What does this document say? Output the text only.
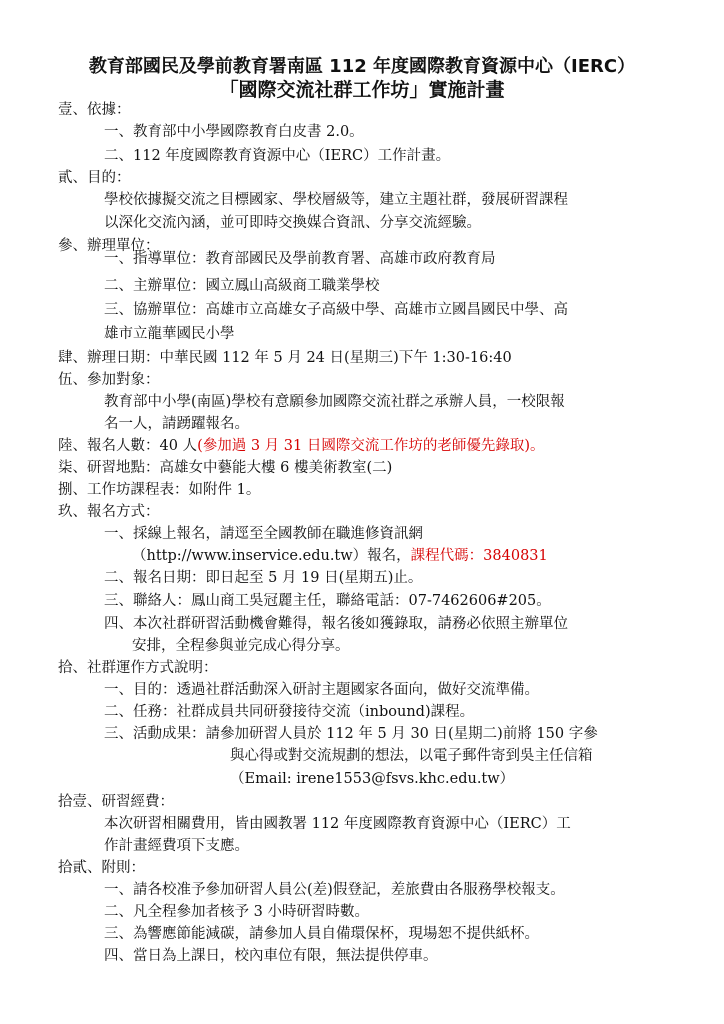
教育部國民及學前教育署南區 112 年度國際教育資源中心（IERC）
「國際交流社群工作坊」實施計畫
壹、依據：
一、教育部中小學國際教育白皮書 2.0。
二、112 年度國際教育資源中心（IERC）工作計畫。
貳、目的：
學校依據擬交流之目標國家、學校層級等，建立主題社群，發展研習課程
以深化交流內涵，並可即時交換媒合資訊、分享交流經驗。
參、辦理單位：
一、指導單位：教育部國民及學前教育署、高雄市政府教育局
二、主辦單位：國立鳳山高級商工職業學校
三、協辦單位：高雄市立高雄女子高級中學、高雄市立國昌國民中學、高
雄市立龍華國民小學
肆、辦理日期：中華民國 112 年 5 月 24 日(星期三)下午 1:30-16:40
伍、參加對象：
教育部中小學(南區)學校有意願參加國際交流社群之承辦人員，一校限報
名一人，請踴躍報名。
陸、報名人數：40 人(參加過 3 月 31 日國際交流工作坊的老師優先錄取)。
柒、研習地點：高雄女中藝能大樓 6 樓美術教室(二)
捌、工作坊課程表：如附件 1。
玖、報名方式：
一、採線上報名，請逕至全國教師在職進修資訊網
（http://www.inservice.edu.tw）報名，課程代碼：3840831
二、報名日期：即日起至 5 月 19 日(星期五)止。
三、聯絡人：鳳山商工吳冠麗主任，聯絡電話：07-7462606#205。
四、本次社群研習活動機會難得，報名後如獲錄取，請務必依照主辦單位
安排，全程參與並完成心得分享。
拾、社群運作方式說明：
一、目的：透過社群活動深入研討主題國家各面向，做好交流準備。
二、任務：社群成員共同研發接待交流（inbound)課程。
三、活動成果：請參加研習人員於 112 年 5 月 30 日(星期二)前將 150 字參
與心得或對交流規劃的想法，以電子郵件寄到吳主任信箱
（Email: irene1553@fsvs.khc.edu.tw）
拾壹、研習經費：
本次研習相關費用，皆由國教署 112 年度國際教育資源中心（IERC）工
作計畫經費項下支應。
拾貳、附則：
一、請各校准予參加研習人員公(差)假登記，差旅費由各服務學校報支。
二、凡全程參加者核予 3 小時研習時數。
三、為響應節能減碳，請參加人員自備環保杯，現場恕不提供紙杯。
四、當日為上課日，校內車位有限，無法提供停車。
